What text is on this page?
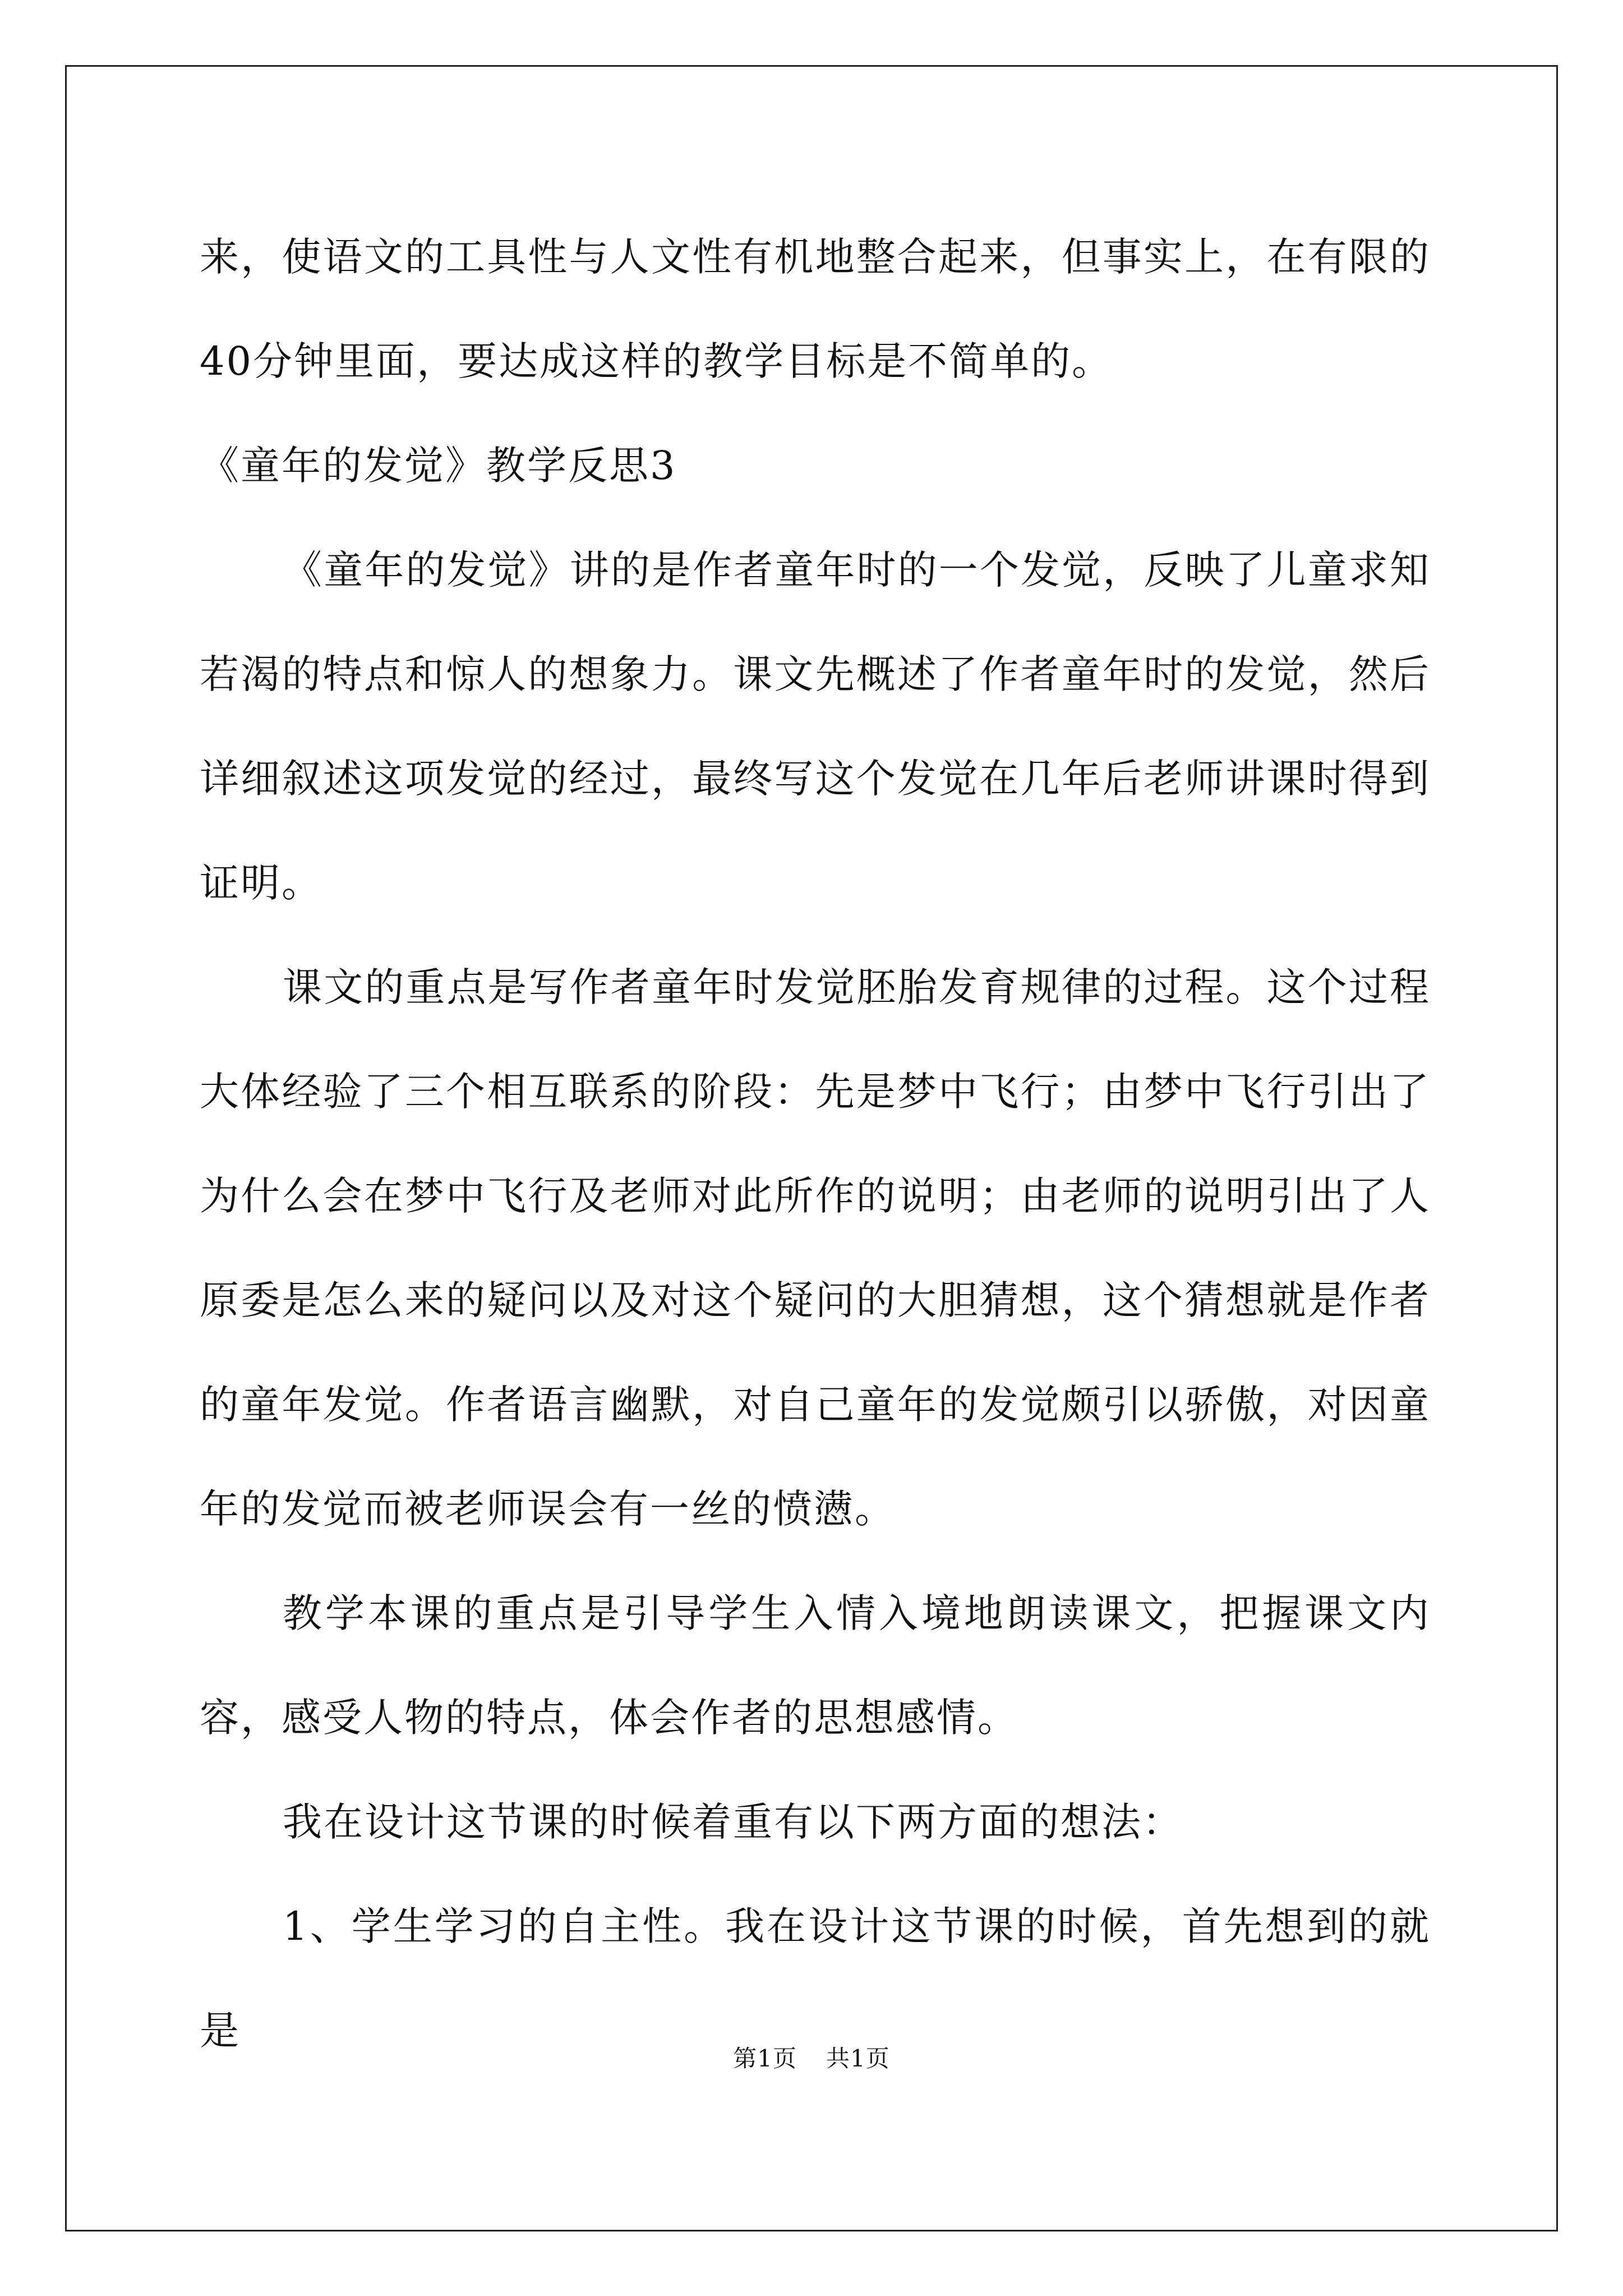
来，使语文的工具性与人文性有机地整合起来，但事实上，在有限的40分钟里面，要达成这样的教学目标是不简单的。

《童年的发觉》教学反思3

《童年的发觉》讲的是作者童年时的一个发觉，反映了儿童求知若渴的特点和惊人的想象力。课文先概述了作者童年时的发觉，然后详细叙述这项发觉的经过，最终写这个发觉在几年后老师讲课时得到证明。

课文的重点是写作者童年时发觉胚胎发育规律的过程。这个过程大体经验了三个相互联系的阶段：先是梦中飞行；由梦中飞行引出了为什么会在梦中飞行及老师对此所作的说明；由老师的说明引出了人原委是怎么来的疑问以及对这个疑问的大胆猜想，这个猜想就是作者的童年发觉。作者语言幽默，对自己童年的发觉颇引以骄傲，对因童年的发觉而被老师误会有一丝的愤懑。

教学本课的重点是引导学生入情入境地朗读课文，把握课文内容，感受人物的特点，体会作者的思想感情。

我在设计这节课的时候着重有以下两方面的想法：

1、学生学习的自主性。我在设计这节课的时候，首先想到的就是

第1页 共1页
